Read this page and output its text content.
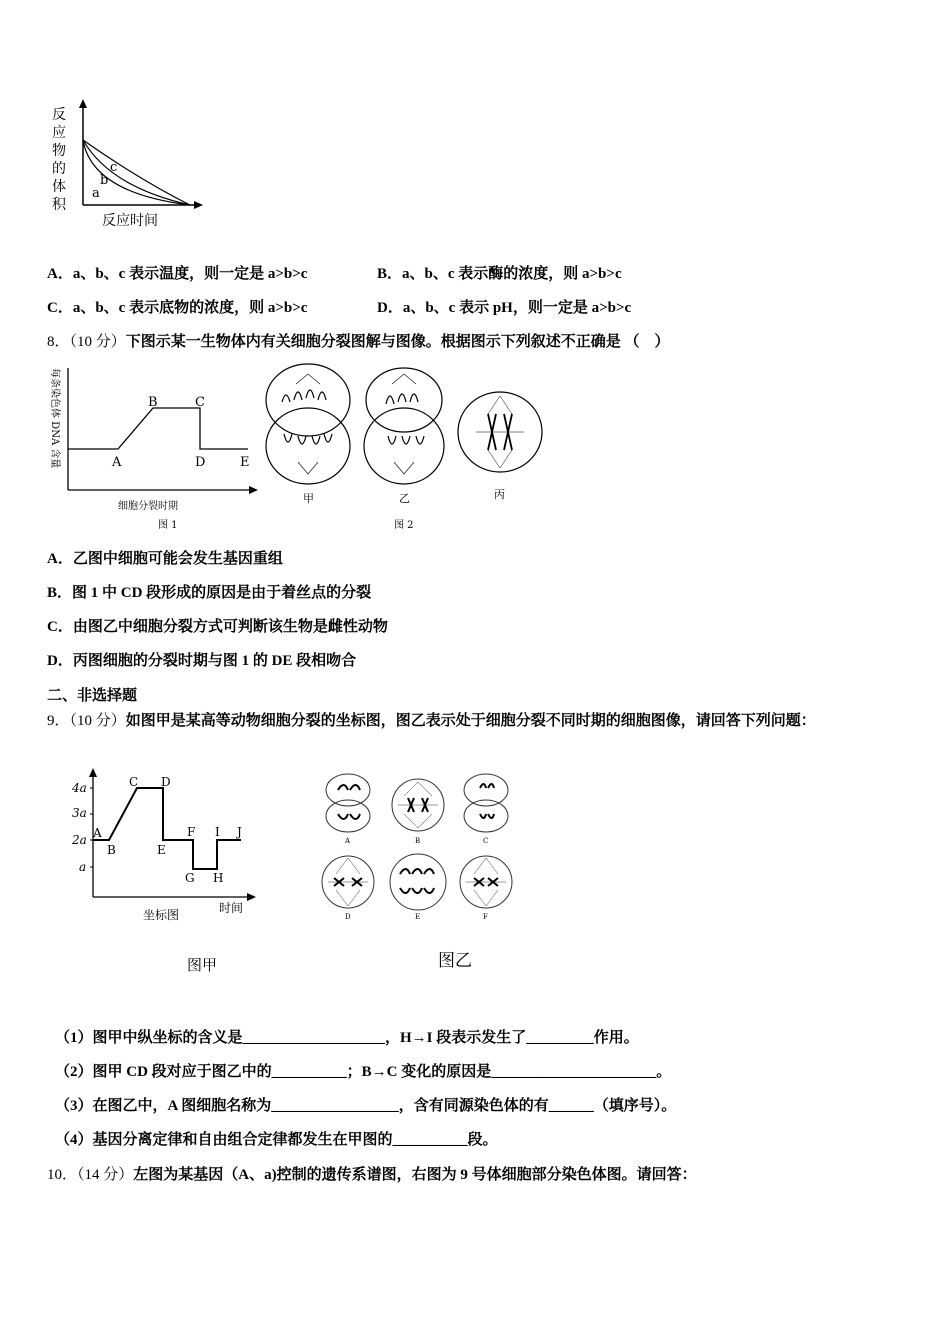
反
应
物
的
体
积
a
b
c
反应时间
A．a、b、c 表示温度，则一定是 a>b>c	B．a、b、c 表示酶的浓度，则 a>b>c
C．a、b、c 表示底物的浓度，则 a>b>c	D．a、b、c 表示 pH，则一定是 a>b>c
8．（10 分）下图示某一生物体内有关细胞分裂图解与图像。根据图示下列叙述不正确是 （　）
每条染色体 DNA 含量	A
B	C
D	E
细胞分裂时期
图 1
甲	乙	丙
图 2
A．乙图中细胞可能会发生基因重组
B．图 1 中 CD 段形成的原因是由于着丝点的分裂
C．由图乙中细胞分裂方式可判断该生物是雌性动物
D．丙图细胞的分裂时期与图 1 的 DE 段相吻合
二、非选择题
9．（10 分）如图甲是某高等动物细胞分裂的坐标图，图乙表示处于细胞分裂不同时期的细胞图像，请回答下列问题：
4a
3a
2a
a
A
B
C D
E
F
G H
I J
时间
坐标图
图甲
A	B	C
D	E	F
图乙
（1）图甲中纵坐标的含义是___________________，H→I 段表示发生了_________作用。
（2）图甲 CD 段对应于图乙中的__________；B→C 变化的原因是______________________。
（3）在图乙中，A 图细胞名称为_________________，含有同源染色体的有______（填序号）。
（4）基因分离定律和自由组合定律都发生在甲图的__________段。
10．（14 分）左图为某基因（A、a)控制的遗传系谱图，右图为 9 号体细胞部分染色体图。请回答：
